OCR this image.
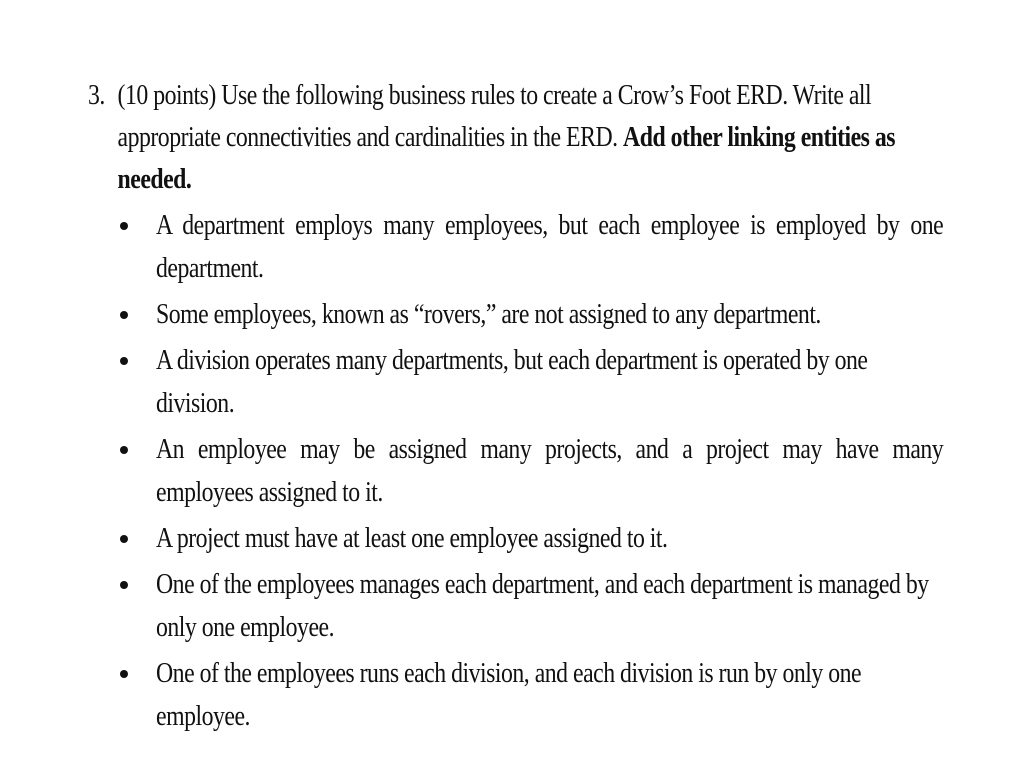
3. (10 points) Use the following business rules to create a Crow’s Foot ERD. Write all appropriate connectivities and cardinalities in the ERD. Add other linking entities as needed.
A department employs many employees, but each employee is employed by one department.
Some employees, known as “rovers,” are not assigned to any department.
A division operates many departments, but each department is operated by one division.
An employee may be assigned many projects, and a project may have many employees assigned to it.
A project must have at least one employee assigned to it.
One of the employees manages each department, and each department is managed by only one employee.
One of the employees runs each division, and each division is run by only one employee.
